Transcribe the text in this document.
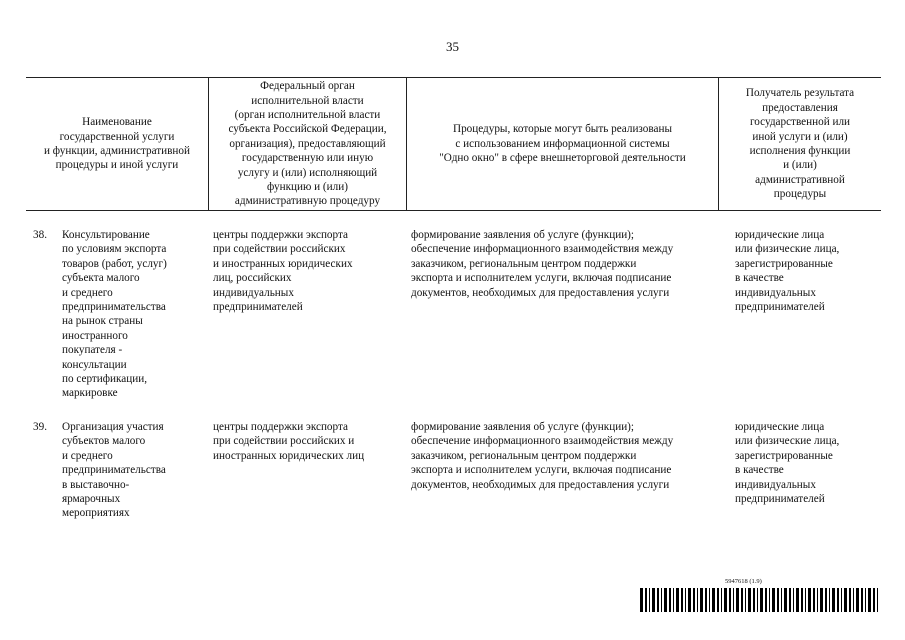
35
Наименование
государственной услуги
и функции, административной
процедуры и иной услуги
Федеральный орган
исполнительной власти
(орган исполнительной власти
субъекта Российской Федерации,
организация), предоставляющий
государственную или иную
услугу и (или) исполняющий
функцию и (или)
административную процедуру
Процедуры, которые могут быть реализованы
с использованием информационной системы
"Одно окно" в сфере внешнеторговой деятельности
Получатель результата
предоставления
государственной или
иной услуги и (или)
исполнения функции
и (или)
административной
процедуры
38. Консультирование
по условиям экспорта
товаров (работ, услуг)
субъекта малого
и среднего
предпринимательства
на рынок страны
иностранного
покупателя -
консультации
по сертификации,
маркировке
центры поддержки экспорта
при содействии российских
и иностранных юридических
лиц, российских
индивидуальных
предпринимателей
формирование заявления об услуге (функции);
обеспечение информационного взаимодействия между
заказчиком, региональным центром поддержки
экспорта и исполнителем услуги, включая подписание
документов, необходимых для предоставления услуги
юридические лица
или физические лица,
зарегистрированные
в качестве
индивидуальных
предпринимателей
39. Организация участия
субъектов малого
и среднего
предпринимательства
в выставочно-
ярмарочных
мероприятиях
центры поддержки экспорта
при содействии российских и
иностранных юридических лиц
формирование заявления об услуге (функции);
обеспечение информационного взаимодействия между
заказчиком, региональным центром поддержки
экспорта и исполнителем услуги, включая подписание
документов, необходимых для предоставления услуги
юридические лица
или физические лица,
зарегистрированные
в качестве
индивидуальных
предпринимателей
5947618 (1.9)
